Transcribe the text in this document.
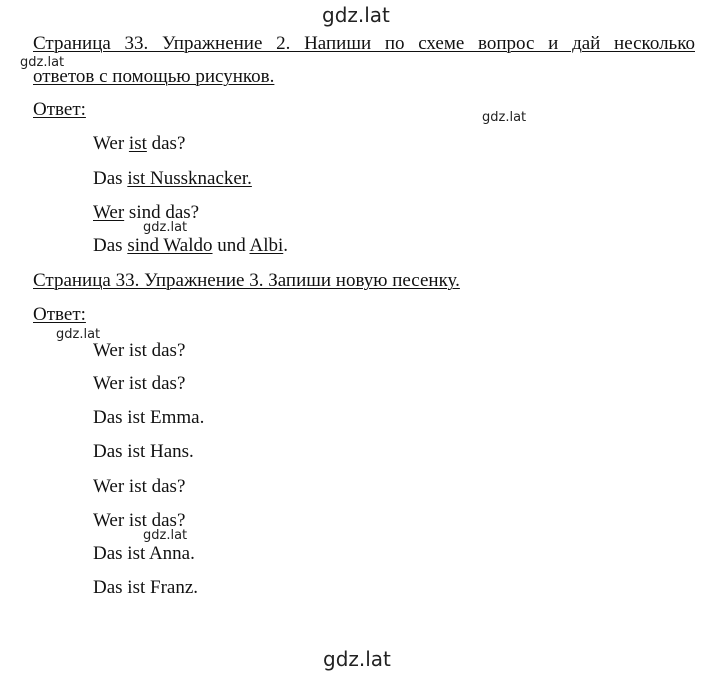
gdz.lat
gdz.lat
gdz.lat
gdz.lat
gdz.lat
gdz.lat
gdz.lat
Страница 33. Упражнение 2. Напиши по схеме вопрос и дай несколько
ответов с помощью рисунков.
Ответ:
Wer ist das?
Das ist Nussknacker.
Wer sind das?
Das sind Waldo und Albi.
Страница 33. Упражнение 3. Запиши новую песенку.
Ответ:
Wer ist das?
Wer ist das?
Das ist Emma.
Das ist Hans.
Wer ist das?
Wer ist das?
Das ist Anna.
Das ist Franz.
